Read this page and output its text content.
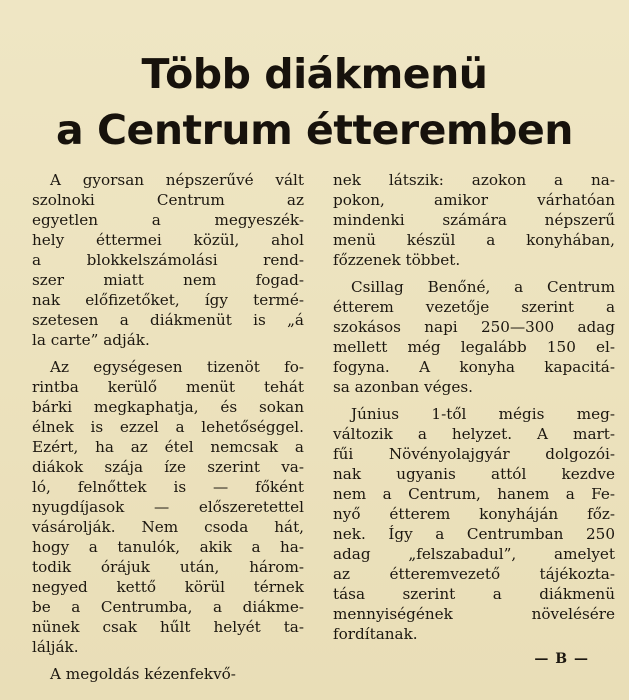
Több diákmenü
a Centrum étteremben
A gyorsan népszerűvé vált
szolnoki Centrum az
egyetlen a megyeszék-
hely éttermei közül, ahol
a blokkelszámolási rend-
szer miatt nem fogad-
nak előfizetőket, így termé-
szetesen a diákmenüt is „á
la carte” adják.
Az egységesen tizenöt fo-
rintba kerülő menüt tehát
bárki megkaphatja, és sokan
élnek is ezzel a lehetőséggel.
Ezért, ha az étel nemcsak a
diákok szája íze szerint va-
ló, felnőttek is — főként
nyugdíjasok — előszeretettel
vásárolják. Nem csoda hát,
hogy a tanulók, akik a ha-
todik órájuk után, három-
negyed kettő körül térnek
be a Centrumba, a diákme-
nünek csak hűlt helyét ta-
lálják.
A megoldás kézenfekvő-
nek látszik: azokon a na-
pokon, amikor várhatóan
mindenki számára népszerű
menü készül a konyhában,
főzzenek többet.
Csillag Benőné, a Centrum
étterem vezetője szerint a
szokásos napi 250—300 adag
mellett még legalább 150 el-
fogyna. A konyha kapacitá-
sa azonban véges.
Június 1-től mégis meg-
változik a helyzet. A mart-
fűi Növényolajgyár dolgozói-
nak ugyanis attól kezdve
nem a Centrum, hanem a Fe-
nyő étterem konyháján főz-
nek. Így a Centrumban 250
adag „felszabadul”, amelyet
az étteremvezető tájékozta-
tása szerint a diákmenü
mennyiségének növelésére
fordítanak.
— B —
